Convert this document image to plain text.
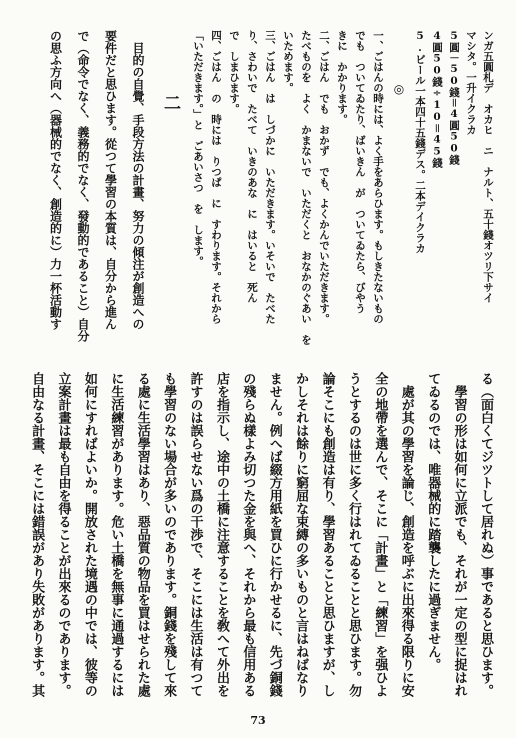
ンガ五圓札デ　オカヒ　ニ　ナルト、五十錢オツリ下サイ
マシタ。一升イクラカ
5圓－50錢＝4圓50錢
4圓50錢÷10＝45錢
5.ビール一本四十五錢デス。二本デイクラカ
◎
一、ごはんの時には、よく手をあらひます。もしきたないもの
でも　ついてゐたり、ばいきん　が　ついてゐたら、びやう
きに　かかります。
二、ごはん　でも　おかず　でも、よくかんでいただきます。
たべものを　よく　かまないで　いただくと　おなかのぐあい　を
いためます。
三、ごはん　は　しづかに　いただきます。いそいで　たべた
り、さわいで　たべて　いきのあな　に　はいると　死ん
で　しまひます。
四、ごはん　の　時には　りつぱ　に　すわります。それから
「いただきます。」と　ごあいさつ　を　します。
二
目的の自覺、手段方法の計畫、努力の傾注が創造への
要件だと思ひます。從つて學習の本質は、自分から進ん
で（命令でなく、義務的でなく、發動的であること）自分
の思ふ方向へ（器械的でなく、創造的に）力一杯活動す
る（面白くてジツトして居れぬ）事であると思ひます。
學習の形は如何に立派でも、それが一定の型に捉はれ
てゐるのでは、唯器械的に踏襲したに過ぎません。
處が其の學習を論じ、創造を呼ぶに出來得る限りに安
全の地帶を選んで、そこに「計畫」と「練習」を强ひよ
うとするのは世に多く行はれてゐることと思ひます。勿
論そこにも創造は有り、學習あることと思ひますが、し
かしそれは餘りに窮屈な束縛の多いものと言はねばなり
ません。例へば綴方用紙を買ひに行かせるに、先づ銅錢
の殘らぬ樣よみ切つた金を與へ、それから最も信用ある
店を指示し、途中の土橋に注意することを敎へて外出を
許すのは誤らせない爲の干渉で、そこには生活は有つて
も學習のない場合が多いのであります。銅錢を殘して來
る處に生活學習はあり、惡品質の物品を買はせられた處
に生活練習があります。危い土橋を無事に通過するには
如何にすればよいか。開放された境遇の中では、彼等の
立案計畫は最も自由を得ることが出來るのであります。
自由なる計畫、そこには錯誤があり失敗があります。其
73
